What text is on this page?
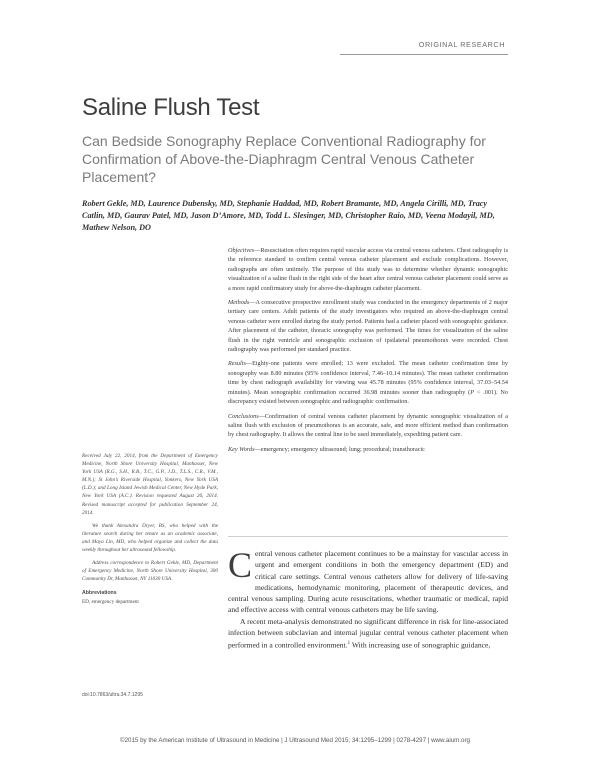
ORIGINAL RESEARCH
Saline Flush Test
Can Bedside Sonography Replace Conventional Radiography for Confirmation of Above-the-Diaphragm Central Venous Catheter Placement?
Robert Gekle, MD, Laurence Dubensky, MD, Stephanie Haddad, MD, Robert Bramante, MD, Angela Cirilli, MD, Tracy Catlin, MD, Gaurav Patel, MD, Jason D’Amore, MD, Todd L. Slesinger, MD, Christopher Raio, MD, Veena Modayil, MD, Mathew Nelson, DO

Objectives—Resuscitation often requires rapid vascular access via central venous catheters. Chest radiography is the reference standard to confirm central venous catheter placement and exclude complications. However, radiographs are often untimely. The purpose of this study was to determine whether dynamic sonographic visualization of a saline flush in the right side of the heart after central venous catheter placement could serve as a more rapid confirmatory study for above-the-diaphragm catheter placement.

Methods—A consecutive prospective enrollment study was conducted in the emergency departments of 2 major tertiary care centers. Adult patients of the study investigators who required an above-the-diaphragm central venous catheter were enrolled during the study period. Patients had a catheter placed with sonographic guidance. After placement of the catheter, thoracic sonography was performed. The times for visualization of the saline flush in the right ventricle and sonographic exclusion of ipsilateral pneumothorax were recorded. Chest radiography was performed per standard practice.

Results—Eighty-one patients were enrolled; 13 were excluded. The mean catheter confirmation time by sonography was 8.80 minutes (95% confidence interval, 7.46–10.14 minutes). The mean catheter confirmation time by chest radiograph availability for viewing was 45.78 minutes (95% confidence interval, 37.03–54.54 minutes). Mean sonographic confirmation occurred 36.98 minutes sooner than radiography (P < .001). No discrepancy existed between sonographic and radiographic confirmation.

Conclusions—Confirmation of central venous catheter placement by dynamic sonographic visualization of a saline flush with exclusion of pneumothorax is an accurate, safe, and more efficient method than confirmation by chest radiography. It allows the central line to be used immediately, expediting patient care.

Key Words—emergency; emergency ultrasound; lung; procedural; transthoracic

Received July 22, 2014, from the Department of Emergency Medicine, North Shore University Hospital, Manhasset, New York USA (R.G., S.H., R.B., T.C., G.P., J.D., T.L.S., C.R., V.M., M.N.); St John’s Riverside Hospital, Yonkers, New York USA (L.D.); and Long Island Jewish Medical Center, New Hyde Park, New York USA (A.C.). Revision requested August 26, 2014. Revised manuscript accepted for publication September 24, 2014.

We thank Alexandra Dryer, BS, who helped with the literature search during her tenure as an academic associate, and Maya Lin, MD, who helped organize and collect the data weekly throughout her ultrasound fellowship.

Address correspondence to Robert Gekle, MD, Department of Emergency Medicine, North Shore University Hospital, 300 Community Dr, Manhasset, NY 11030 USA.

Abbreviations
ED, emergency department
doi:10.7863/ultra.34.7.1295

Central venous catheter placement continues to be a mainstay for vascular access in urgent and emergent conditions in both the emergency department (ED) and critical care settings. Central venous catheters allow for delivery of life-saving medications, hemodynamic monitoring, placement of therapeutic devices, and central venous sampling. During acute resuscitations, whether traumatic or medical, rapid and effective access with central venous catheters may be life saving.

A recent meta-analysis demonstrated no significant difference in risk for line-associated infection between subclavian and internal jugular central venous catheter placement when performed in a controlled environment.$^1$ With increasing use of sonographic guidance,

©2015 by the American Institute of Ultrasound in Medicine | J Ultrasound Med 2015; 34:1295–1299 | 0278-4297 | www.aium.org
